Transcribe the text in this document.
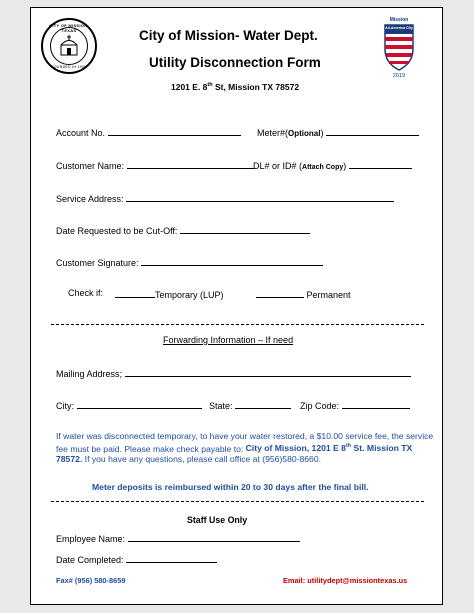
CITY OF MISSION, TEXAS
FOUNDED IN 1908
City of Mission- Water Dept.
Utility Disconnection Form
1201 E. 8th St, Mission TX 78572
Mission
All-America City
2019
Account No.	Meter#(Optional)
Customer Name:	DL# or ID# (Attach Copy)
Service Address:
Date Requested to be Cut-Off:
Customer Signature:
Check if:	Temporary (LUP)	Permanent
Forwarding Information – If need
Mailing Address;
City:	State:	Zip Code:
If water was disconnected temporary, to have your water restored, a $10.00 service fee, the service fee must be paid. Please make check payable to: City of Mission, 1201 E 8th St. Mission TX 78572. If you have any questions, please call office at (956)580-8660.
Meter deposits is reimbursed within 20 to 30 days after the final bill.
Staff Use Only
Employee Name:
Date Completed:
Fax# (956) 580-8659	Email: utilitydept@missiontexas.us
